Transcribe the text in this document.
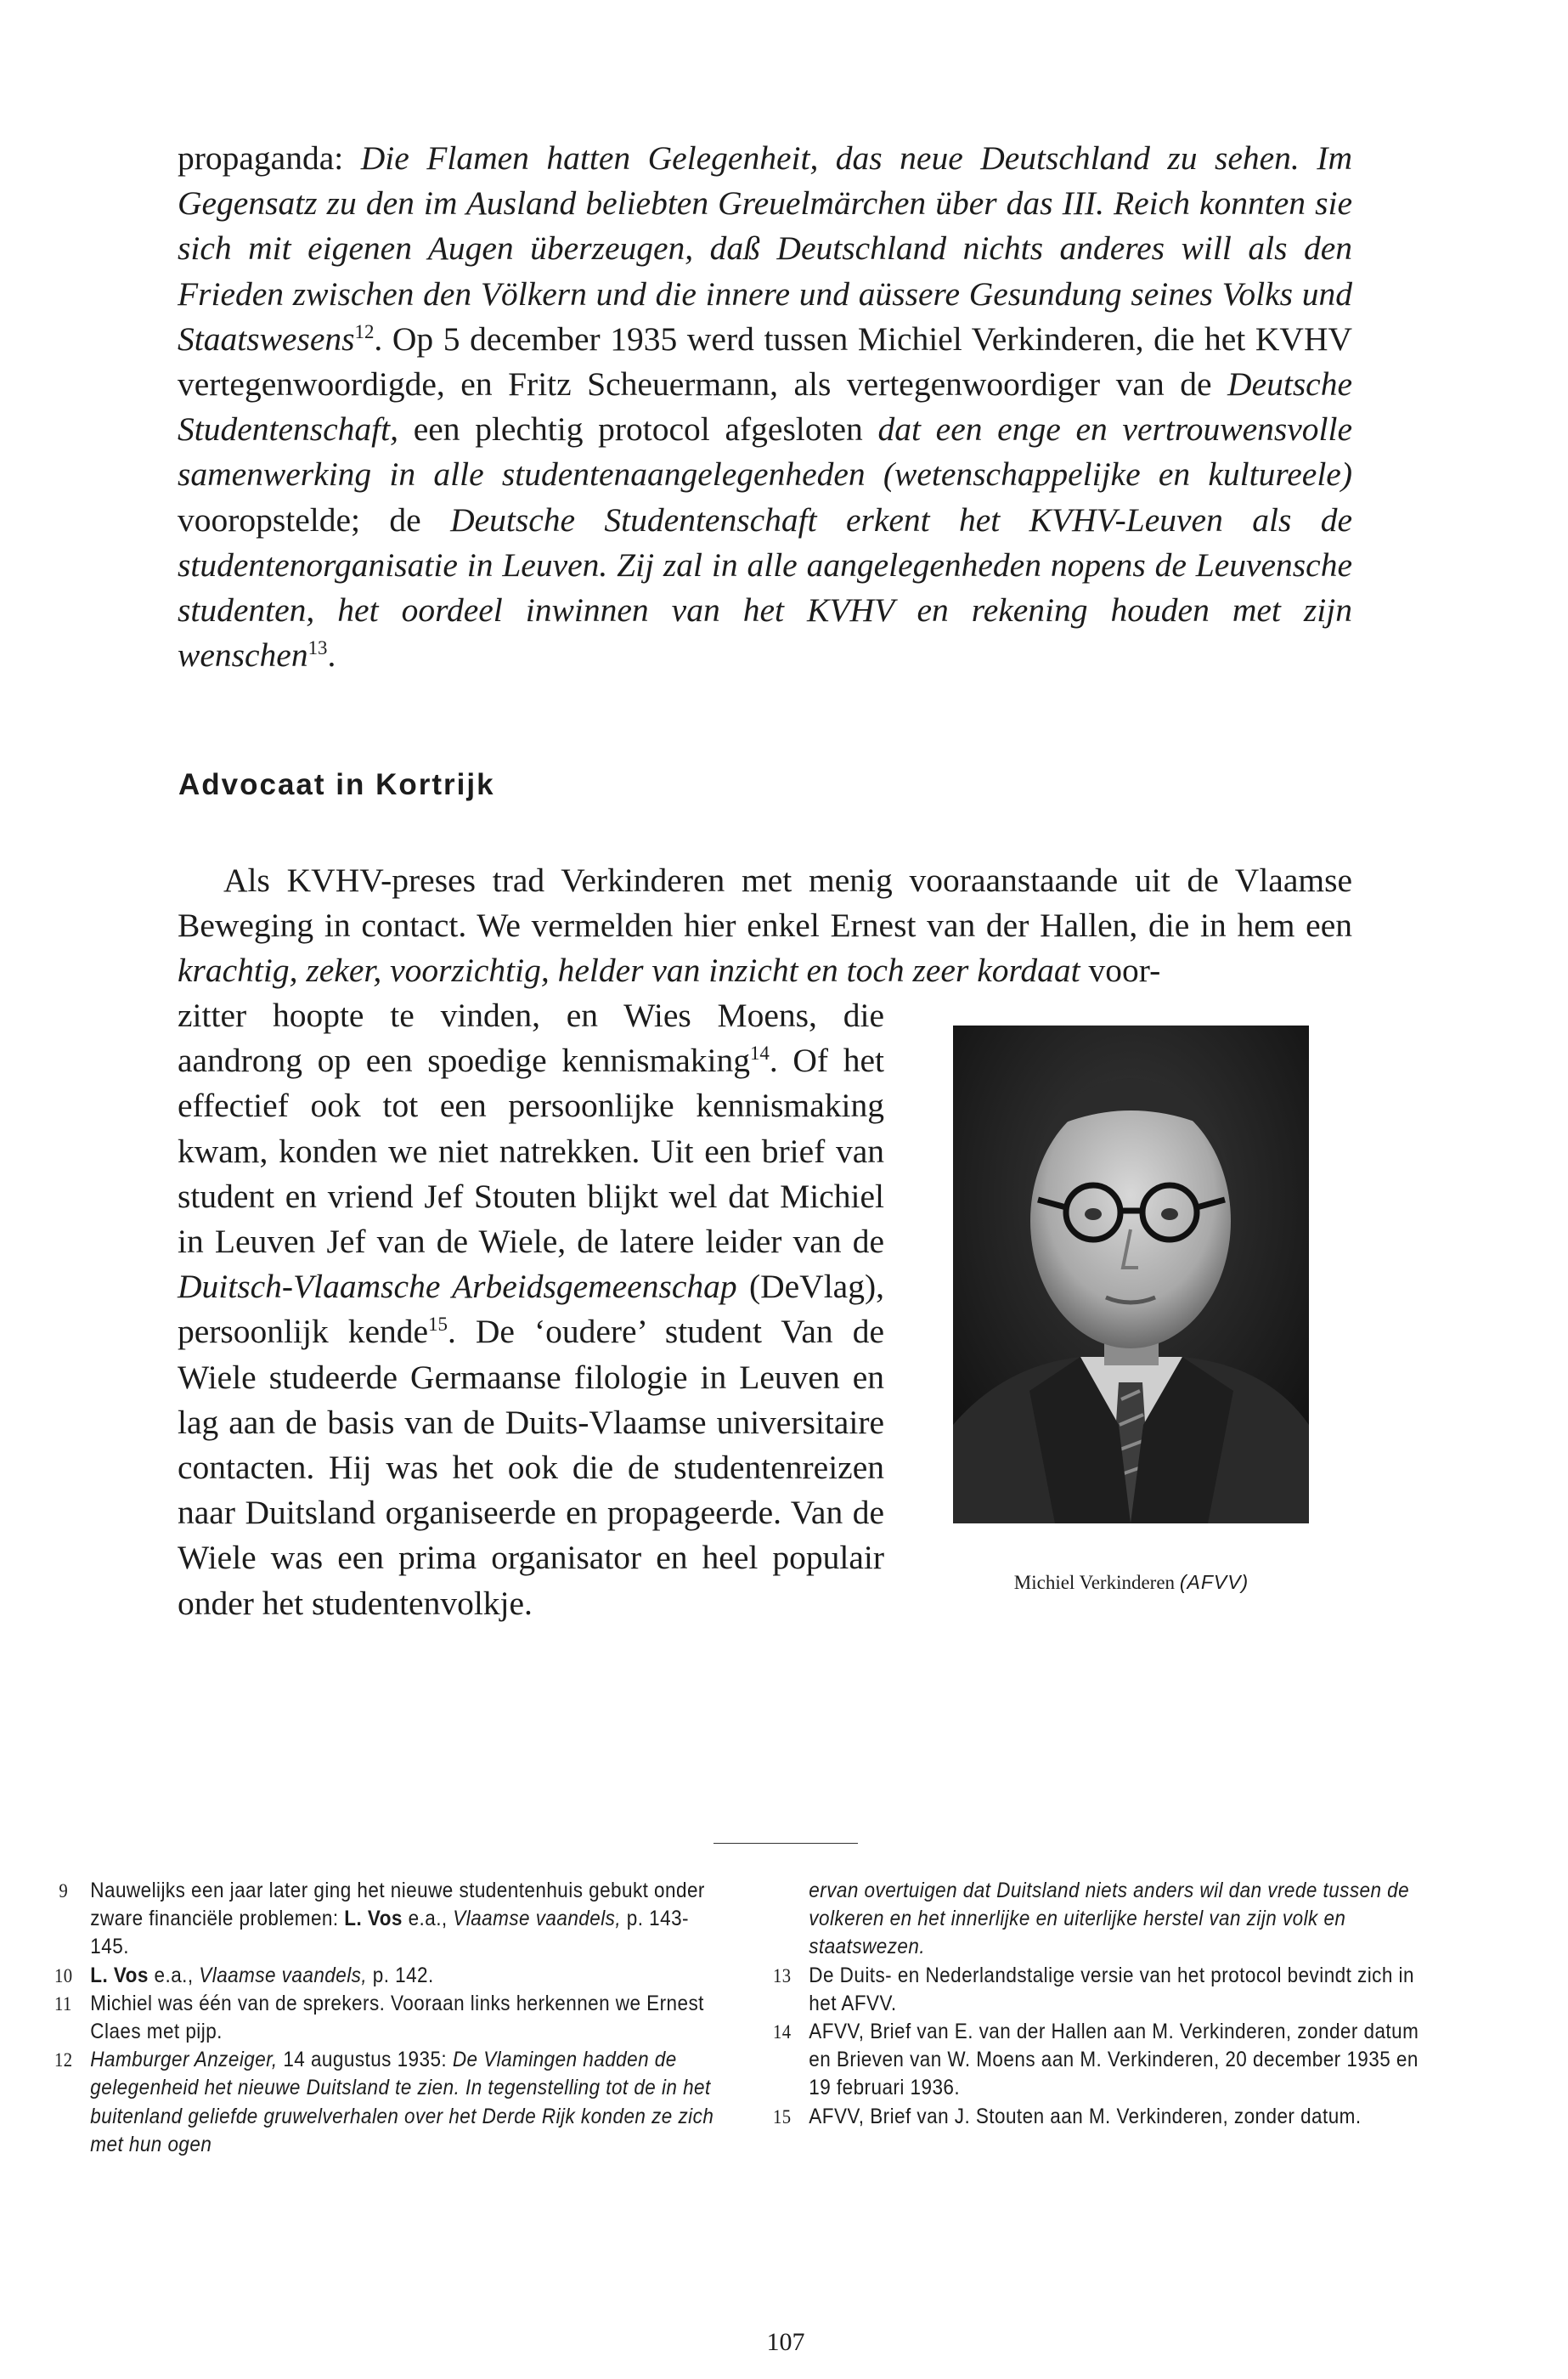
propaganda: Die Flamen hatten Gelegenheit, das neue Deutschland zu sehen. Im Gegensatz zu den im Ausland beliebten Greuelmärchen über das III. Reich konnten sie sich mit eigenen Augen überzeugen, daß Deutschland nichts anderes will als den Frieden zwischen den Völkern und die innere und aüssere Gesundung seines Volks und Staatswesens$^{12}$. Op 5 december 1935 werd tussen Michiel Verkinderen, die het KVHV vertegenwoordigde, en Fritz Scheuermann, als vertegenwoordiger van de Deutsche Studentenschaft, een plechtig protocol afgesloten dat een enge en vertrouwensvolle samenwerking in alle studentenaangelegenheden (wetenschappelijke en kultureele) vooropstelde; de Deutsche Studentenschaft erkent het KVHV-Leuven als de studentenorganisatie in Leuven. Zij zal in alle aangelegenheden nopens de Leuvensche studenten, het oordeel inwinnen van het KVHV en rekening houden met zijn wenschen$^{13}$.

Advocaat in Kortrijk

Als KVHV-preses trad Verkinderen met menig vooraanstaande uit de Vlaamse Beweging in contact. We vermelden hier enkel Ernest van der Hallen, die in hem een krachtig, zeker, voorzichtig, helder van inzicht en toch zeer kordaat voor-

zitter hoopte te vinden, en Wies Moens, die aandrong op een spoedige kennismaking$^{14}$. Of het effectief ook tot een persoonlijke kennismaking kwam, konden we niet natrekken. Uit een brief van student en vriend Jef Stouten blijkt wel dat Michiel in Leuven Jef van de Wiele, de latere leider van de Duitsch-Vlaamsche Arbeidsgemeenschap (DeVlag), persoonlijk kende$^{15}$. De ‘oudere’ student Van de Wiele studeerde Germaanse filologie in Leuven en lag aan de basis van de Duits-Vlaamse universitaire contacten. Hij was het ook die de studentenreizen naar Duitsland organiseerde en propageerde. Van de Wiele was een prima organisator en heel populair onder het studentenvolkje.

Michiel Verkinderen (AFVV)

9 Nauwelijks een jaar later ging het nieuwe studentenhuis gebukt onder zware financiële problemen: L. Vos e.a., Vlaamse vaandels, p. 143-145.

10 L. Vos e.a., Vlaamse vaandels, p. 142.

11 Michiel was één van de sprekers. Vooraan links herkennen we Ernest Claes met pijp.

12 Hamburger Anzeiger, 14 augustus 1935: De Vlamingen hadden de gelegenheid het nieuwe Duitsland te zien. In tegenstelling tot de in het buitenland geliefde gruwelverhalen over het Derde Rijk konden ze zich met hun ogen

ervan overtuigen dat Duitsland niets anders wil dan vrede tussen de volkeren en het innerlijke en uiterlijke herstel van zijn volk en staatswezen.

13 De Duits- en Nederlandstalige versie van het protocol bevindt zich in het AFVV.

14 AFVV, Brief van E. van der Hallen aan M. Verkinderen, zonder datum en Brieven van W. Moens aan M. Verkinderen, 20 december 1935 en 19 februari 1936.

15 AFVV, Brief van J. Stouten aan M. Verkinderen, zonder datum.

107
